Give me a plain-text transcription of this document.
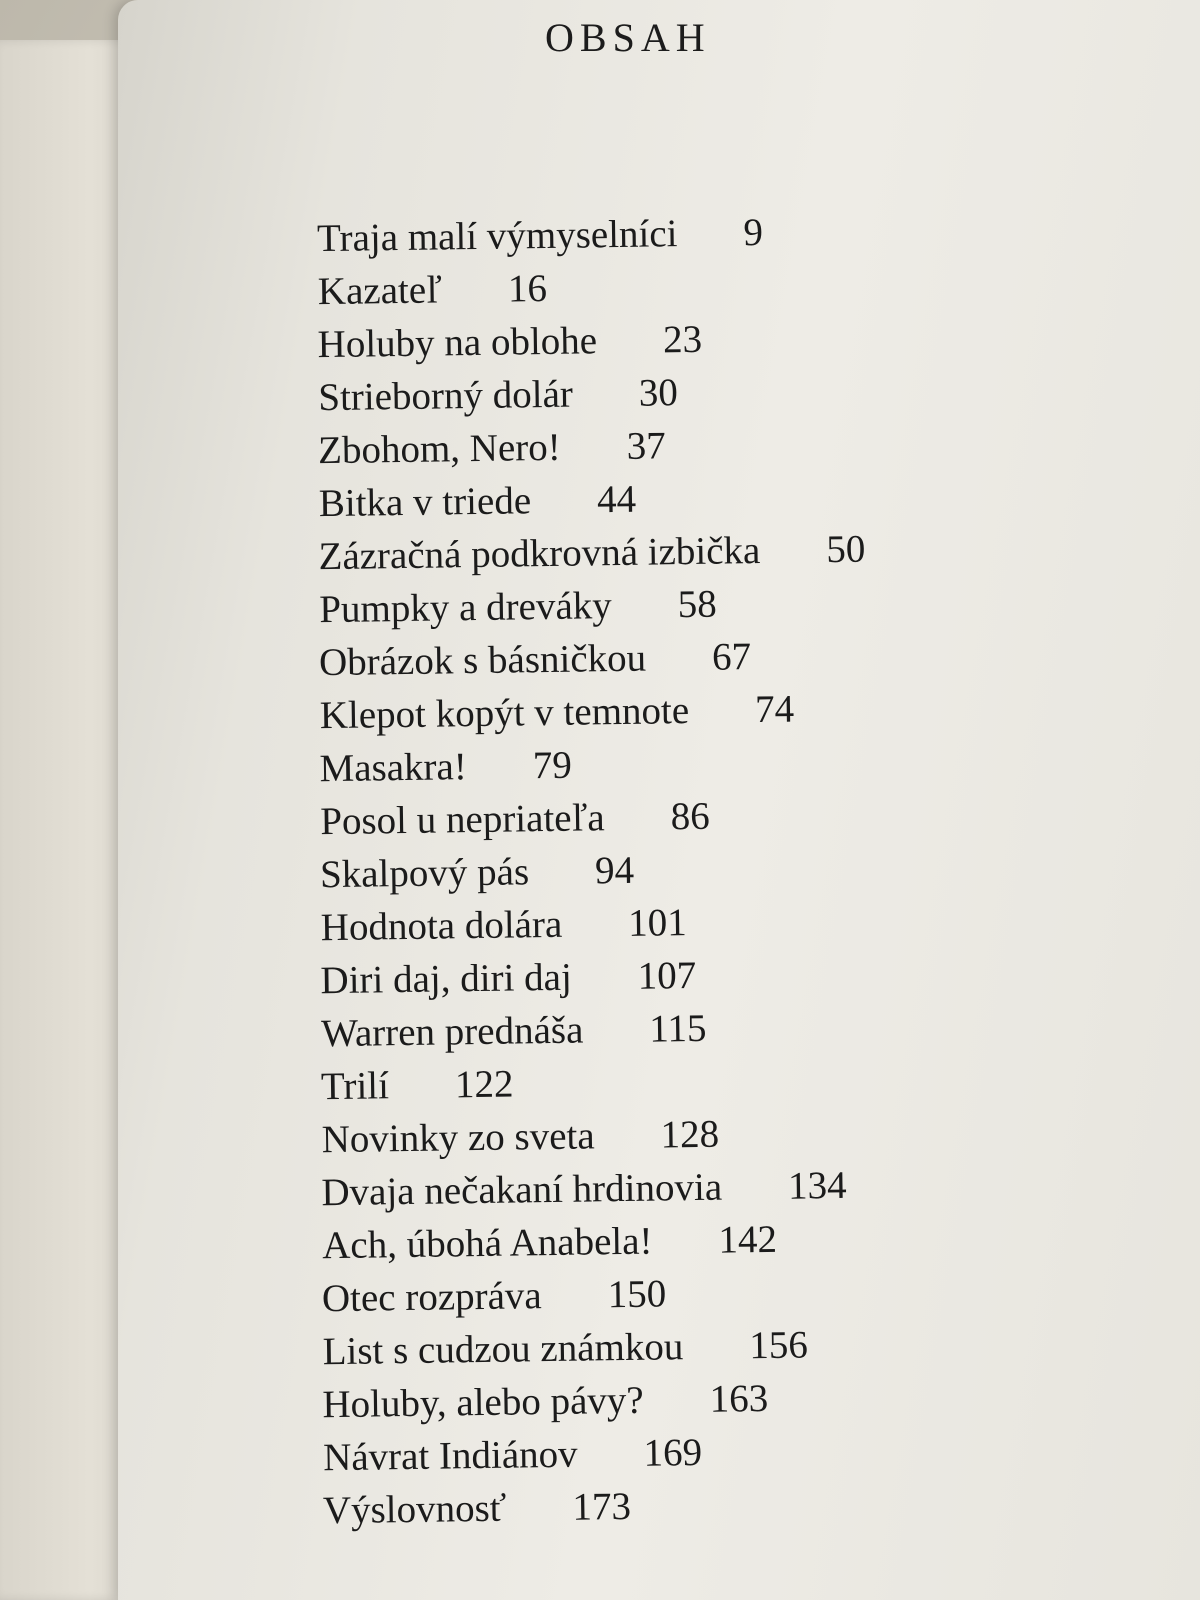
OBSAH
Traja malí výmyselníci 9
Kazateľ 16
Holuby na oblohe 23
Strieborný dolár 30
Zbohom, Nero! 37
Bitka v triede 44
Zázračná podkrovná izbička 50
Pumpky a dreváky 58
Obrázok s básničkou 67
Klepot kopýt v temnote 74
Masakra! 79
Posol u nepriateľa 86
Skalpový pás 94
Hodnota dolára 101
Diri daj, diri daj 107
Warren prednáša 115
Trilí 122
Novinky zo sveta 128
Dvaja nečakaní hrdinovia 134
Ach, úbohá Anabela! 142
Otec rozpráva 150
List s cudzou známkou 156
Holuby, alebo pávy? 163
Návrat Indiánov 169
Výslovnosť 173
